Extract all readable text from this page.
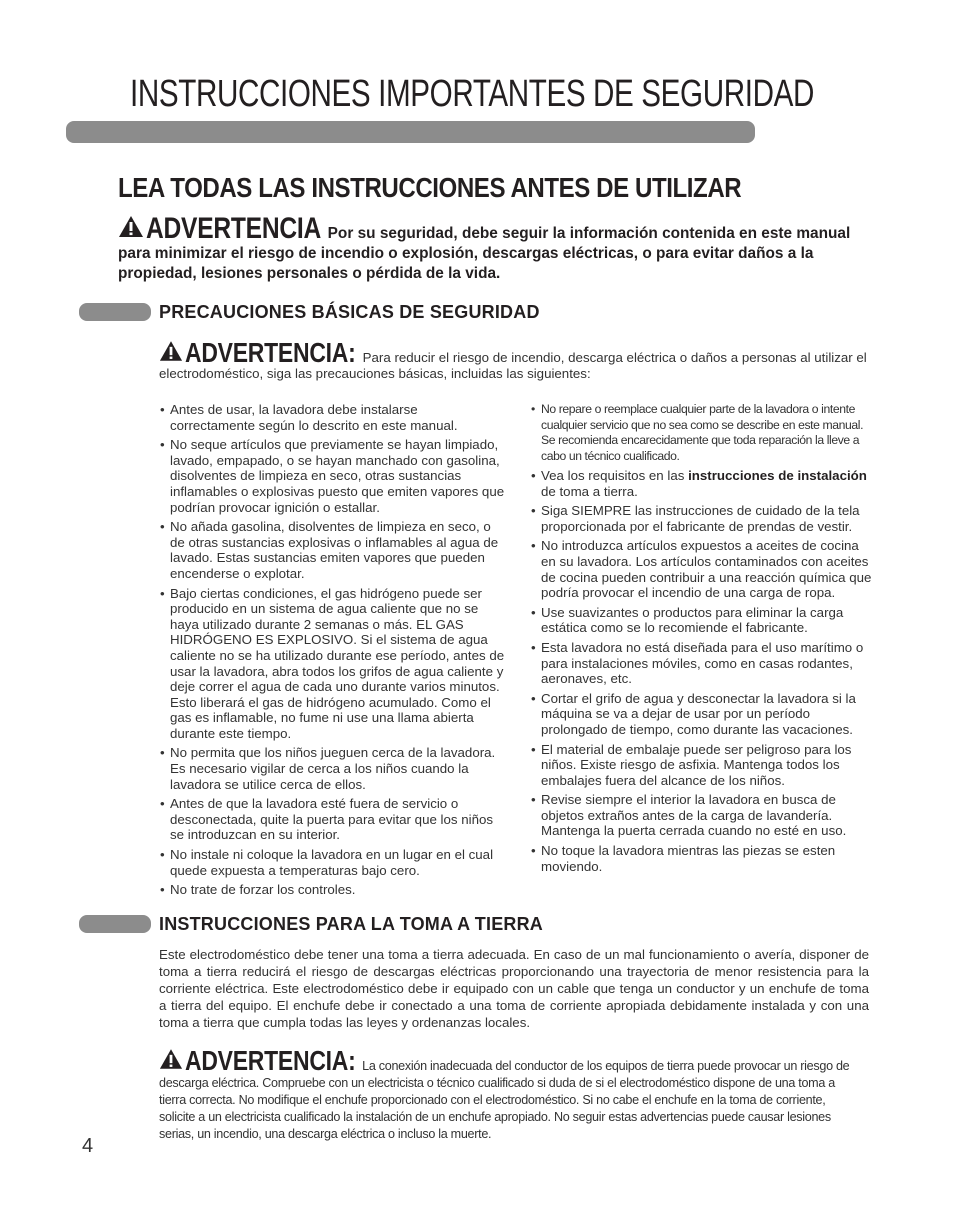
INSTRUCCIONES IMPORTANTES DE SEGURIDAD
LEA TODAS LAS INSTRUCCIONES ANTES DE UTILIZAR
ADVERTENCIA Por su seguridad, debe seguir la información contenida en este manual para minimizar el riesgo de incendio o explosión, descargas eléctricas, o para evitar daños a la propiedad, lesiones personales o pérdida de la vida.
PRECAUCIONES BÁSICAS DE SEGURIDAD
ADVERTENCIA: Para reducir el riesgo de incendio, descarga eléctrica o daños a personas al utilizar el electrodoméstico, siga las precauciones básicas, incluidas las siguientes:
• Antes de usar, la lavadora debe instalarse correctamente según lo descrito en este manual.
• No seque artículos que previamente se hayan limpiado, lavado, empapado, o se hayan manchado con gasolina, disolventes de limpieza en seco, otras sustancias inflamables o explosivas puesto que emiten vapores que podrían provocar ignición o estallar.
• No añada gasolina, disolventes de limpieza en seco, o de otras sustancias explosivas o inflamables al agua de lavado. Estas sustancias emiten vapores que pueden encenderse o explotar.
• Bajo ciertas condiciones, el gas hidrógeno puede ser producido en un sistema de agua caliente que no se haya utilizado durante 2 semanas o más. EL GAS HIDRÓGENO ES EXPLOSIVO. Si el sistema de agua caliente no se ha utilizado durante ese período, antes de usar la lavadora, abra todos los grifos de agua caliente y deje correr el agua de cada uno durante varios minutos. Esto liberará el gas de hidrógeno acumulado. Como el gas es inflamable, no fume ni use una llama abierta durante este tiempo.
• No permita que los niños jueguen cerca de la lavadora. Es necesario vigilar de cerca a los niños cuando la lavadora se utilice cerca de ellos.
• Antes de que la lavadora esté fuera de servicio o desconectada, quite la puerta para evitar que los niños se introduzcan en su interior.
• No instale ni coloque la lavadora en un lugar en el cual quede expuesta a temperaturas bajo cero.
• No trate de forzar los controles.
• No repare o reemplace cualquier parte de la lavadora o intente cualquier servicio que no sea como se describe en este manual. Se recomienda encarecidamente que toda reparación la lleve a cabo un técnico cualificado.
• Vea los requisitos en las instrucciones de instalación de toma a tierra.
• Siga SIEMPRE las instrucciones de cuidado de la tela proporcionada por el fabricante de prendas de vestir.
• No introduzca artículos expuestos a aceites de cocina en su lavadora. Los artículos contaminados con aceites de cocina pueden contribuir a una reacción química que podría provocar el incendio de una carga de ropa.
• Use suavizantes o productos para eliminar la carga estática como se lo recomiende el fabricante.
• Esta lavadora no está diseñada para el uso marítimo o para instalaciones móviles, como en casas rodantes, aeronaves, etc.
• Cortar el grifo de agua y desconectar la lavadora si la máquina se va a dejar de usar por un período prolongado de tiempo, como durante las vacaciones.
• El material de embalaje puede ser peligroso para los niños. Existe riesgo de asfixia. Mantenga todos los embalajes fuera del alcance de los niños.
• Revise siempre el interior la lavadora en busca de objetos extraños antes de la carga de lavandería. Mantenga la puerta cerrada cuando no esté en uso.
• No toque la lavadora mientras las piezas se esten moviendo.
INSTRUCCIONES PARA LA TOMA A TIERRA

Este electrodoméstico debe tener una toma a tierra adecuada. En caso de un mal funcionamiento o avería, disponer de toma a tierra reducirá el riesgo de descargas eléctricas proporcionando una trayectoria de menor resistencia para la corriente eléctrica. Este electrodoméstico debe ir equipado con un cable que tenga un conductor y un enchufe de toma a tierra del equipo. El enchufe debe ir conectado a una toma de corriente apropiada debidamente instalada y con una toma a tierra que cumpla todas las leyes y ordenanzas locales.

ADVERTENCIA: La conexión inadecuada del conductor de los equipos de tierra puede provocar un riesgo de descarga eléctrica. Compruebe con un electricista o técnico cualificado si duda de si el electrodoméstico dispone de una toma a tierra correcta. No modifique el enchufe proporcionado con el electrodoméstico. Si no cabe el enchufe en la toma de corriente, solicite a un electricista cualificado la instalación de un enchufe apropiado. No seguir estas advertencias puede causar lesiones serias, un incendio, una descarga eléctrica o incluso la muerte.
4
